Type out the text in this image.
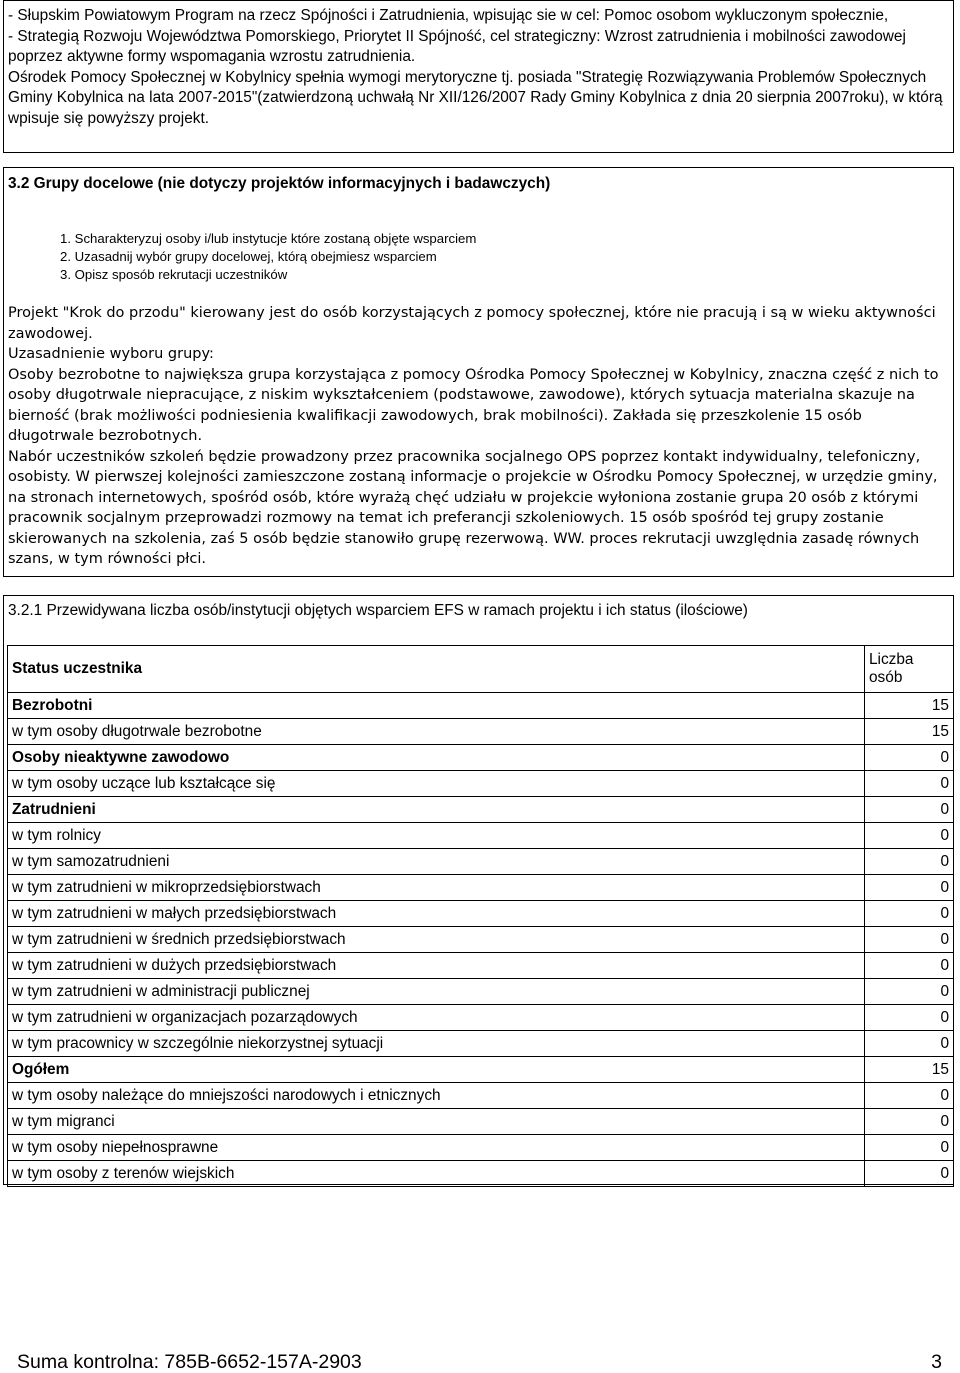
- Słupskim Powiatowym Program na rzecz Spójności i Zatrudnienia, wpisując sie w cel: Pomoc osobom wykluczonym społecznie,

- Strategią Rozwoju Województwa Pomorskiego, Priorytet II Spójność, cel strategiczny: Wzrost zatrudnienia i mobilności zawodowej poprzez aktywne formy wspomagania wzrostu zatrudnienia.

Ośrodek Pomocy Społecznej w Kobylnicy spełnia wymogi merytoryczne tj. posiada "Strategię Rozwiązywania Problemów Społecznych Gminy Kobylnica na lata 2007-2015"(zatwierdzoną uchwałą Nr XII/126/2007 Rady Gminy Kobylnica z dnia 20 sierpnia 2007roku), w którą wpisuje się powyższy projekt.

3.2 Grupy docelowe (nie dotyczy projektów informacyjnych i badawczych)

1. Scharakteryzuj osoby i/lub instytucje które zostaną objęte wsparciem
2. Uzasadnij wybór grupy docelowej, którą obejmiesz wsparciem
3. Opisz sposób rekrutacji uczestników

Projekt "Krok do przodu" kierowany jest do osób korzystających z pomocy społecznej, które nie pracują i są w wieku aktywności zawodowej.

Uzasadnienie wyboru grupy:

Osoby bezrobotne to największa grupa korzystająca z pomocy Ośrodka Pomocy Społecznej w Kobylnicy, znaczna część z nich to osoby długotrwale niepracujące, z niskim wykształceniem (podstawowe, zawodowe), których sytuacja materialna skazuje na bierność (brak możliwości podniesienia kwalifikacji zawodowych, brak mobilności). Zakłada się przeszkolenie 15 osób długotrwale bezrobotnych.

Nabór uczestników szkoleń będzie prowadzony przez pracownika socjalnego OPS poprzez kontakt indywidualny, telefoniczny, osobisty. W pierwszej kolejności zamieszczone zostaną informacje o projekcie w Ośrodku Pomocy Społecznej, w urzędzie gminy, na stronach internetowych, spośród osób, które wyrażą chęć udziału w projekcie wyłoniona zostanie grupa 20 osób z którymi pracownik socjalnym przeprowadzi rozmowy na temat ich preferancji szkoleniowych. 15 osób spośród tej grupy zostanie skierowanych na szkolenia, zaś 5 osób będzie stanowiło grupę rezerwową. WW. proces rekrutacji uwzględnia zasadę równych szans, w tym równości płci.

3.2.1 Przewidywana liczba osób/instytucji objętych wsparciem EFS w ramach projektu i ich status (ilościowe)

Status uczestnika	Liczba osób
Bezrobotni	15
w tym osoby długotrwale bezrobotne	15
Osoby nieaktywne zawodowo	0
w tym osoby uczące lub kształcące się	0
Zatrudnieni	0
w tym rolnicy	0
w tym samozatrudnieni	0
w tym zatrudnieni w mikroprzedsiębiorstwach	0
w tym zatrudnieni w małych przedsiębiorstwach	0
w tym zatrudnieni w średnich przedsiębiorstwach	0
w tym zatrudnieni w dużych przedsiębiorstwach	0
w tym zatrudnieni w administracji publicznej	0
w tym zatrudnieni w organizacjach pozarządowych	0
w tym pracownicy w szczególnie niekorzystnej sytuacji	0
Ogółem	15
w tym osoby należące do mniejszości narodowych i etnicznych	0
w tym migranci	0
w tym osoby niepełnosprawne	0
w tym osoby z terenów wiejskich	0
Suma kontrolna: 785B-6652-157A-2903	3
